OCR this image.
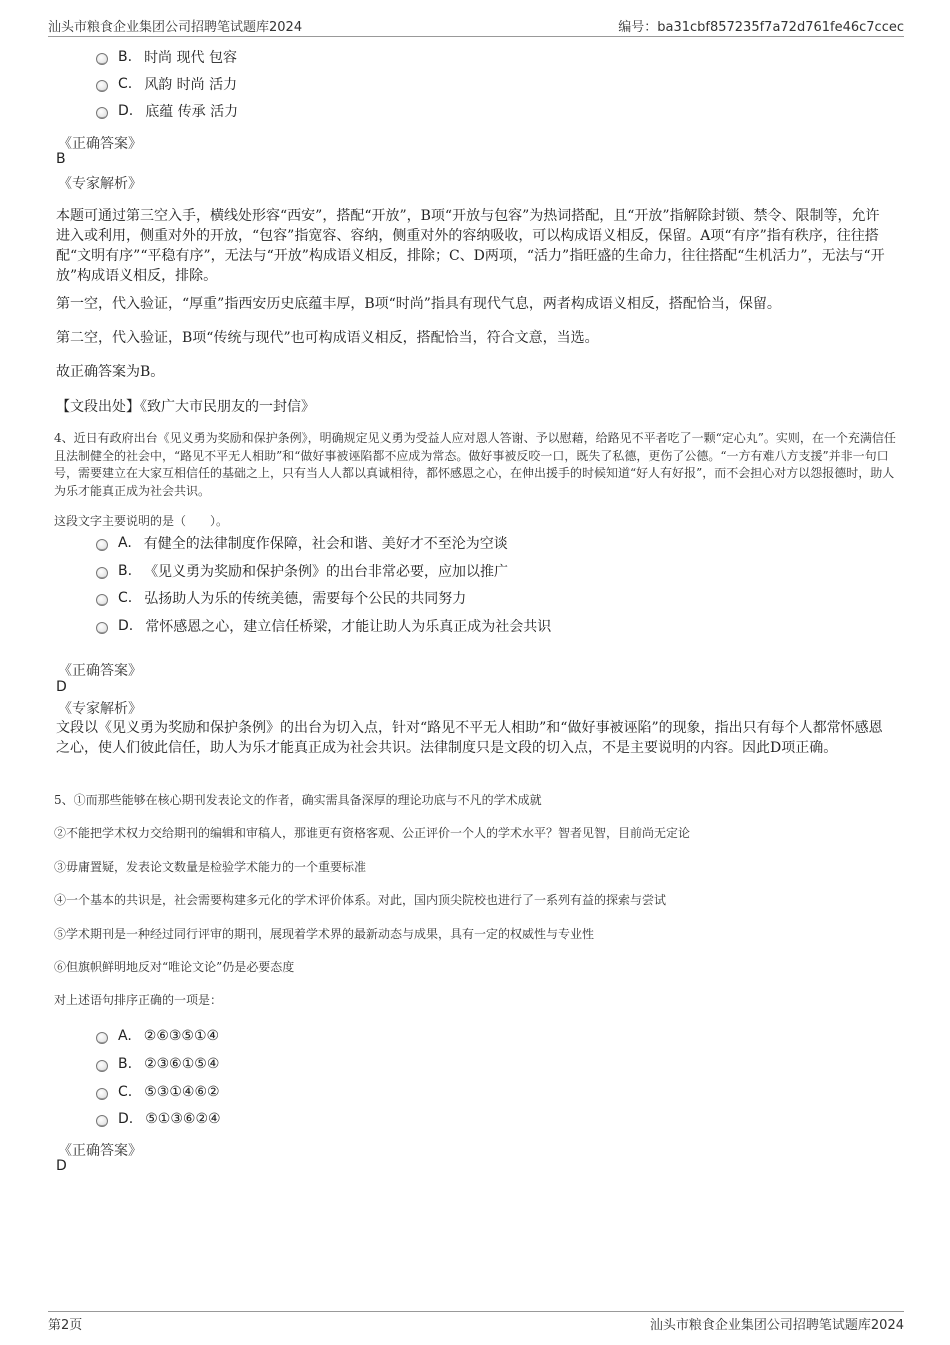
汕头市粮食企业集团公司招聘笔试题库2024	编号：ba31cbf857235f7a72d761fe46c7ccec
B. 时尚 现代 包容
C. 风韵 时尚 活力
D. 底蕴 传承 活力
《正确答案》
B
《专家解析》
本题可通过第三空入手，横线处形容“西安”，搭配“开放”，B项“开放与包容”为热词搭配，且“开放”指解除封锁、禁令、限制等，允许进入或利用，侧重对外的开放，“包容”指宽容、容纳，侧重对外的容纳吸收，可以构成语义相反，保留。A项“有序”指有秩序，往往搭配“文明有序”“平稳有序”，无法与“开放”构成语义相反，排除；C、D两项，“活力”指旺盛的生命力，往往搭配“生机活力”，无法与“开放”构成语义相反，排除。
第一空，代入验证，“厚重”指西安历史底蕴丰厚，B项“时尚”指具有现代气息，两者构成语义相反，搭配恰当，保留。
第二空，代入验证，B项“传统与现代”也可构成语义相反，搭配恰当，符合文意，当选。
故正确答案为B。
【文段出处】《致广大市民朋友的一封信》
4、近日有政府出台《见义勇为奖励和保护条例》，明确规定见义勇为受益人应对恩人答谢、予以慰藉，给路见不平者吃了一颗“定心丸”。实则，在一个充满信任且法制健全的社会中，“路见不平无人相助”和“做好事被诬陷都不应成为常态。做好事被反咬一口，既失了私德，更伤了公德。“一方有难八方支援”并非一句口号，需要建立在大家互相信任的基础之上，只有当人人都以真诚相待，都怀感恩之心，在伸出援手的时候知道“好人有好报”，而不会担心对方以怨报德时，助人为乐才能真正成为社会共识。
这段文字主要说明的是（　　）。
A. 有健全的法律制度作保障，社会和谐、美好才不至沦为空谈
B. 《见义勇为奖励和保护条例》的出台非常必要，应加以推广
C. 弘扬助人为乐的传统美德，需要每个公民的共同努力
D. 常怀感恩之心，建立信任桥梁，才能让助人为乐真正成为社会共识
《正确答案》
D
《专家解析》
文段以《见义勇为奖励和保护条例》的出台为切入点，针对“路见不平无人相助”和“做好事被诬陷”的现象，指出只有每个人都常怀感恩之心，使人们彼此信任，助人为乐才能真正成为社会共识。法律制度只是文段的切入点，不是主要说明的内容。因此D项正确。
5、①而那些能够在核心期刊发表论文的作者，确实需具备深厚的理论功底与不凡的学术成就
②不能把学术权力交给期刊的编辑和审稿人，那谁更有资格客观、公正评价一个人的学术水平？智者见智，目前尚无定论
③毋庸置疑，发表论文数量是检验学术能力的一个重要标准
④一个基本的共识是，社会需要构建多元化的学术评价体系。对此，国内顶尖院校也进行了一系列有益的探索与尝试
⑤学术期刊是一种经过同行评审的期刊，展现着学术界的最新动态与成果，具有一定的权威性与专业性
⑥但旗帜鲜明地反对“唯论文论”仍是必要态度
对上述语句排序正确的一项是：
A. ②⑥③⑤①④
B. ②③⑥①⑤④
C. ⑤③①④⑥②
D. ⑤①③⑥②④
《正确答案》
D
第2页	汕头市粮食企业集团公司招聘笔试题库2024
